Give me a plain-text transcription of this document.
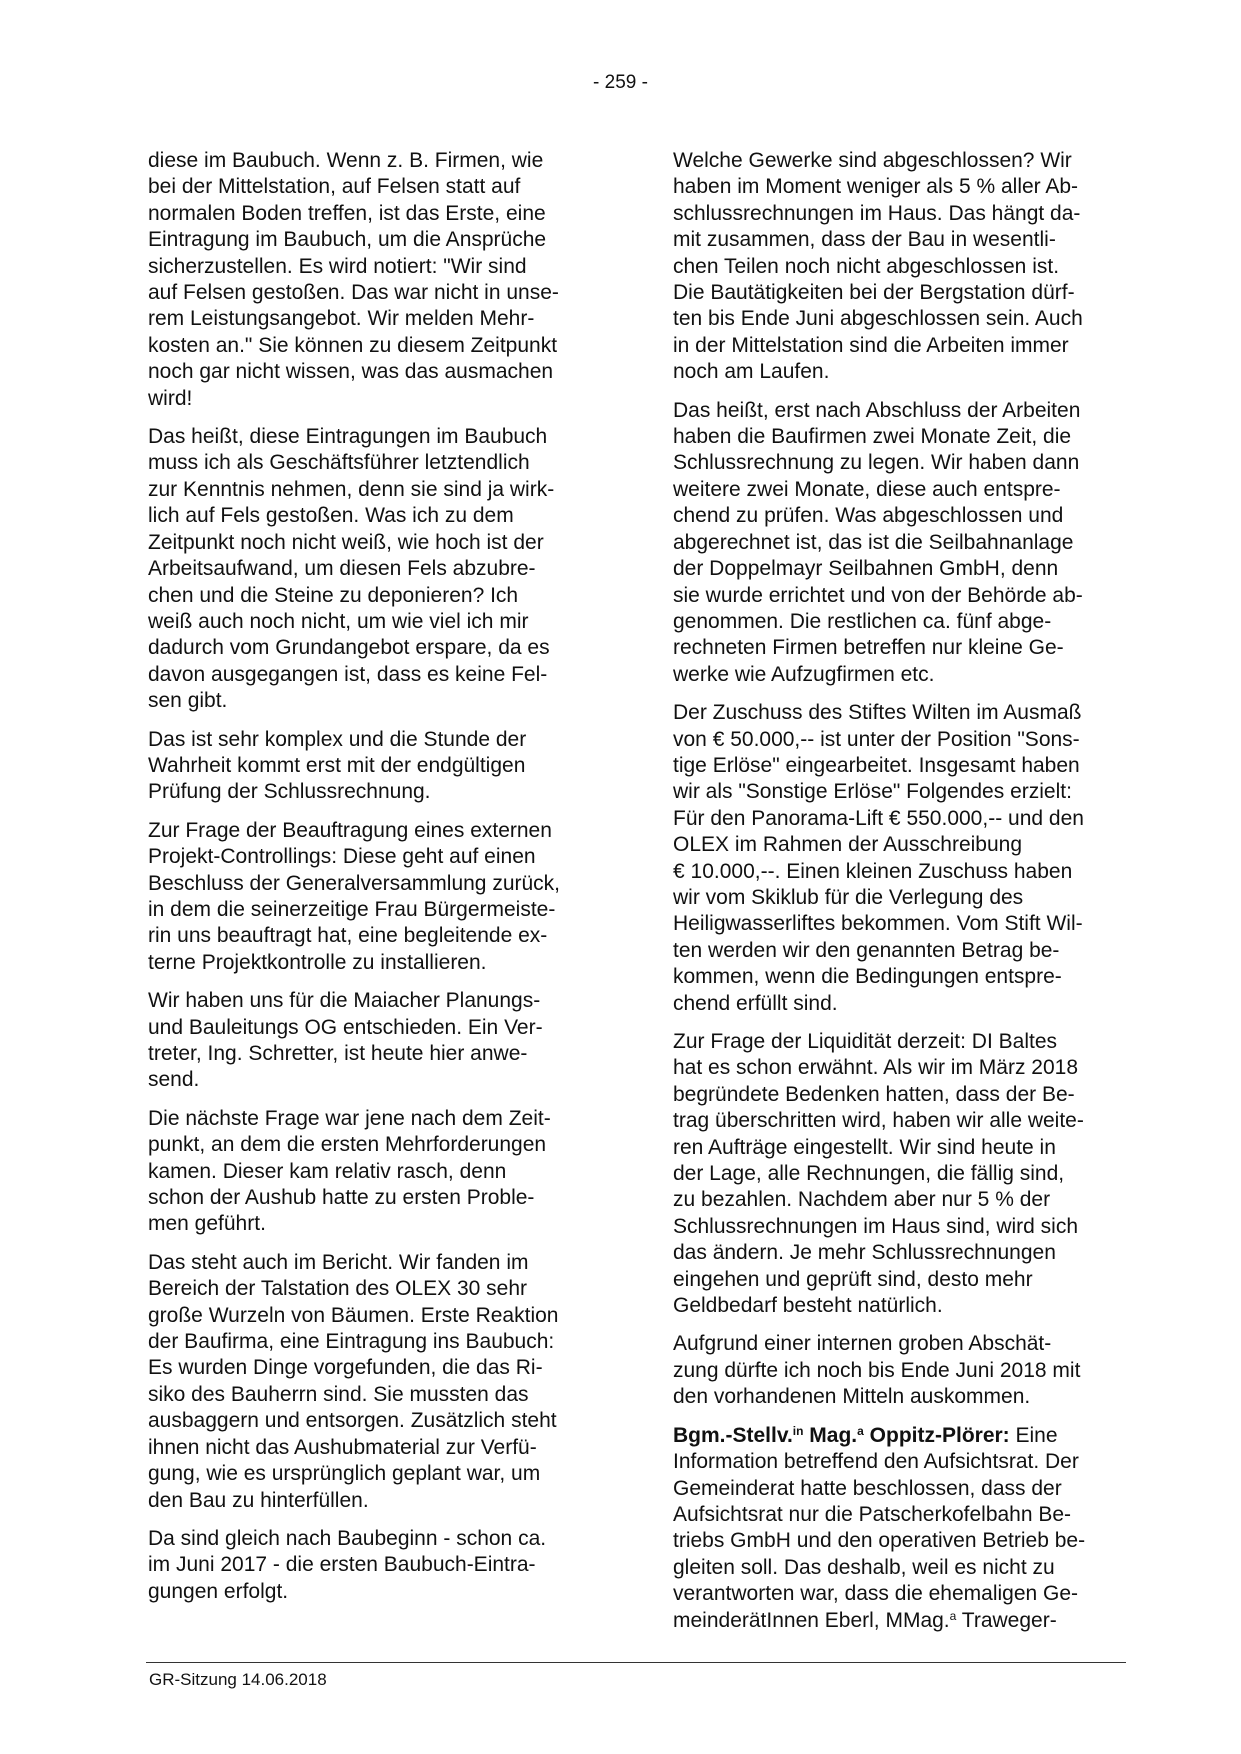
- 259 -

diese im Baubuch. Wenn z. B. Firmen, wie
bei der Mittelstation, auf Felsen statt auf
normalen Boden treffen, ist das Erste, eine
Eintragung im Baubuch, um die Ansprüche
sicherzustellen. Es wird notiert: "Wir sind
auf Felsen gestoßen. Das war nicht in unse-
rem Leistungsangebot. Wir melden Mehr-
kosten an." Sie können zu diesem Zeitpunkt
noch gar nicht wissen, was das ausmachen
wird!

Das heißt, diese Eintragungen im Baubuch
muss ich als Geschäftsführer letztendlich
zur Kenntnis nehmen, denn sie sind ja wirk-
lich auf Fels gestoßen. Was ich zu dem
Zeitpunkt noch nicht weiß, wie hoch ist der
Arbeitsaufwand, um diesen Fels abzubre-
chen und die Steine zu deponieren? Ich
weiß auch noch nicht, um wie viel ich mir
dadurch vom Grundangebot erspare, da es
davon ausgegangen ist, dass es keine Fel-
sen gibt.

Das ist sehr komplex und die Stunde der
Wahrheit kommt erst mit der endgültigen
Prüfung der Schlussrechnung.

Zur Frage der Beauftragung eines externen
Projekt-Controllings: Diese geht auf einen
Beschluss der Generalversammlung zurück,
in dem die seinerzeitige Frau Bürgermeiste-
rin uns beauftragt hat, eine begleitende ex-
terne Projektkontrolle zu installieren.

Wir haben uns für die Maiacher Planungs-
und Bauleitungs OG entschieden. Ein Ver-
treter, Ing. Schretter, ist heute hier anwe-
send.

Die nächste Frage war jene nach dem Zeit-
punkt, an dem die ersten Mehrforderungen
kamen. Dieser kam relativ rasch, denn
schon der Aushub hatte zu ersten Proble-
men geführt.

Das steht auch im Bericht. Wir fanden im
Bereich der Talstation des OLEX 30 sehr
große Wurzeln von Bäumen. Erste Reaktion
der Baufirma, eine Eintragung ins Baubuch:
Es wurden Dinge vorgefunden, die das Ri-
siko des Bauherrn sind. Sie mussten das
ausbaggern und entsorgen. Zusätzlich steht
ihnen nicht das Aushubmaterial zur Verfü-
gung, wie es ursprünglich geplant war, um
den Bau zu hinterfüllen.

Da sind gleich nach Baubeginn - schon ca.
im Juni 2017 - die ersten Baubuch-Eintra-
gungen erfolgt.

Welche Gewerke sind abgeschlossen? Wir
haben im Moment weniger als 5 % aller Ab-
schlussrechnungen im Haus. Das hängt da-
mit zusammen, dass der Bau in wesentli-
chen Teilen noch nicht abgeschlossen ist.
Die Bautätigkeiten bei der Bergstation dürf-
ten bis Ende Juni abgeschlossen sein. Auch
in der Mittelstation sind die Arbeiten immer
noch am Laufen.

Das heißt, erst nach Abschluss der Arbeiten
haben die Baufirmen zwei Monate Zeit, die
Schlussrechnung zu legen. Wir haben dann
weitere zwei Monate, diese auch entspre-
chend zu prüfen. Was abgeschlossen und
abgerechnet ist, das ist die Seilbahnanlage
der Doppelmayr Seilbahnen GmbH, denn
sie wurde errichtet und von der Behörde ab-
genommen. Die restlichen ca. fünf abge-
rechneten Firmen betreffen nur kleine Ge-
werke wie Aufzugfirmen etc.

Der Zuschuss des Stiftes Wilten im Ausmaß
von € 50.000,-- ist unter der Position "Sons-
tige Erlöse" eingearbeitet. Insgesamt haben
wir als "Sonstige Erlöse" Folgendes erzielt:
Für den Panorama-Lift € 550.000,-- und den
OLEX im Rahmen der Ausschreibung
€ 10.000,--. Einen kleinen Zuschuss haben
wir vom Skiklub für die Verlegung des
Heiligwasserliftes bekommen. Vom Stift Wil-
ten werden wir den genannten Betrag be-
kommen, wenn die Bedingungen entspre-
chend erfüllt sind.

Zur Frage der Liquidität derzeit: DI Baltes
hat es schon erwähnt. Als wir im März 2018
begründete Bedenken hatten, dass der Be-
trag überschritten wird, haben wir alle weite-
ren Aufträge eingestellt. Wir sind heute in
der Lage, alle Rechnungen, die fällig sind,
zu bezahlen. Nachdem aber nur 5 % der
Schlussrechnungen im Haus sind, wird sich
das ändern. Je mehr Schlussrechnungen
eingehen und geprüft sind, desto mehr
Geldbedarf besteht natürlich.

Aufgrund einer internen groben Abschät-
zung dürfte ich noch bis Ende Juni 2018 mit
den vorhandenen Mitteln auskommen.

Bgm.-Stellv.$^{in}$ Mag.$^a$ Oppitz-Plörer: Eine
Information betreffend den Aufsichtsrat. Der
Gemeinderat hatte beschlossen, dass der
Aufsichtsrat nur die Patscherkofelbahn Be-
triebs GmbH und den operativen Betrieb be-
gleiten soll. Das deshalb, weil es nicht zu
verantworten war, dass die ehemaligen Ge-
meinderätInnen Eberl, MMag.$^a$ Traweger-

GR-Sitzung 14.06.2018
